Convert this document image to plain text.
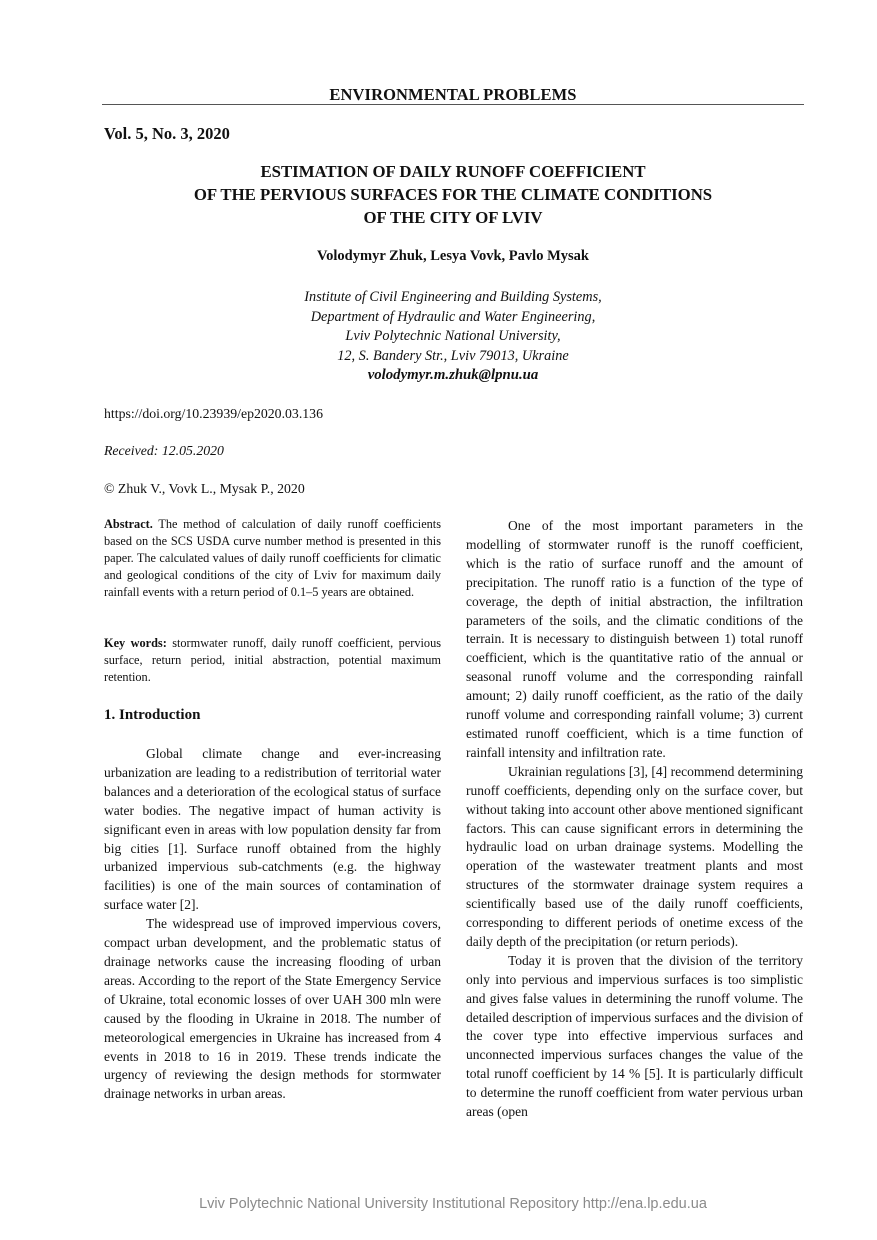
ENVIRONMENTAL PROBLEMS
Vol. 5, No. 3, 2020
ESTIMATION OF DAILY RUNOFF COEFFICIENT
OF THE PERVIOUS SURFACES FOR THE CLIMATE CONDITIONS
OF THE CITY OF LVIV
Volodymyr Zhuk, Lesya Vovk, Pavlo Mysak
Institute of Civil Engineering and Building Systems,
Department of Hydraulic and Water Engineering,
Lviv Polytechnic National University,
12, S. Bandery Str., Lviv 79013, Ukraine
volodymyr.m.zhuk@lpnu.ua
https://doi.org/10.23939/ep2020.03.136
Received: 12.05.2020
© Zhuk V., Vovk L., Mysak P., 2020
Abstract. The method of calculation of daily runoff coefficients based on the SCS USDA curve number method is presented in this paper. The calculated values of daily runoff coefficients for climatic and geological conditions of the city of Lviv for maximum daily rainfall events with a return period of 0.1–5 years are obtained.
Key words: stormwater runoff, daily runoff coefficient, pervious surface, return period, initial abstraction, potential maximum retention.
1. Introduction

Global climate change and ever-increasing urbanization are leading to a redistribution of territorial water balances and a deterioration of the ecological status of surface water bodies. The negative impact of human activity is significant even in areas with low population density far from big cities [1]. Surface runoff obtained from the highly urbanized impervious sub-catchments (e.g. the highway facilities) is one of the main sources of contamination of surface water [2].

The widespread use of improved impervious covers, compact urban development, and the problematic status of drainage networks cause the increasing flooding of urban areas. According to the report of the State Emergency Service of Ukraine, total economic losses of over UAH 300 mln were caused by the flooding in Ukraine in 2018. The number of meteorological emergencies in Ukraine has increased from 4 events in 2018 to 16 in 2019. These trends indicate the urgency of reviewing the design methods for stormwater drainage networks in urban areas.

One of the most important parameters in the modelling of stormwater runoff is the runoff coefficient, which is the ratio of surface runoff and the amount of precipitation. The runoff ratio is a function of the type of coverage, the depth of initial abstraction, the infiltration parameters of the soils, and the climatic conditions of the terrain. It is necessary to distinguish between 1) total runoff coefficient, which is the quantitative ratio of the annual or seasonal runoff volume and the corresponding rainfall amount; 2) daily runoff coefficient, as the ratio of the daily runoff volume and corresponding rainfall volume; 3) current estimated runoff coefficient, which is a time function of rainfall intensity and infiltration rate.

Ukrainian regulations [3], [4] recommend determining runoff coefficients, depending only on the surface cover, but without taking into account other above mentioned significant factors. This can cause significant errors in determining the hydraulic load on urban drainage systems. Modelling the operation of the wastewater treatment plants and most structures of the stormwater drainage system requires a scientifically based use of the daily runoff coefficients, corresponding to different periods of onetime excess of the daily depth of the precipitation (or return periods).

Today it is proven that the division of the territory only into pervious and impervious surfaces is too simplistic and gives false values in determining the runoff volume. The detailed description of impervious surfaces and the division of the cover type into effective impervious surfaces and unconnected impervious surfaces changes the value of the total runoff coefficient by 14 % [5]. It is particularly difficult to determine the runoff coefficient from water pervious urban areas (open

Lviv Polytechnic National University Institutional Repository http://ena.lp.edu.ua
